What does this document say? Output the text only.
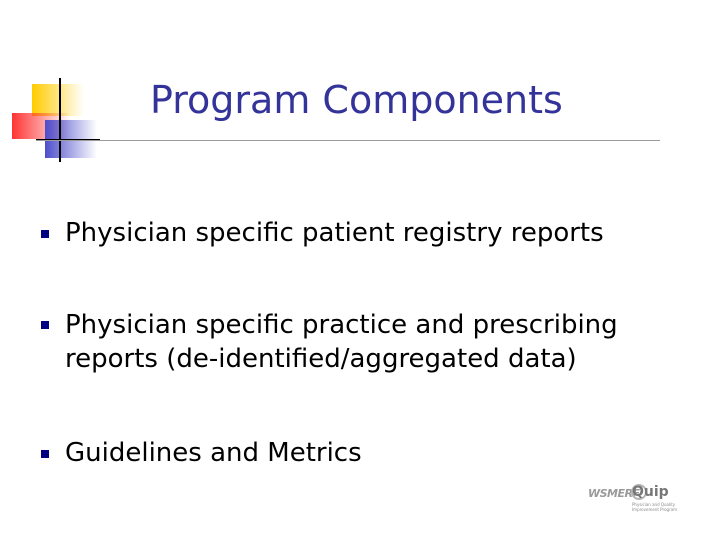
Program Components
Physician specific patient registry reports
Physician specific practice and prescribing
reports (de-identified/aggregated data)
Guidelines and Metrics
WSMERF
Quip
Physician and Quality
Improvement Program
